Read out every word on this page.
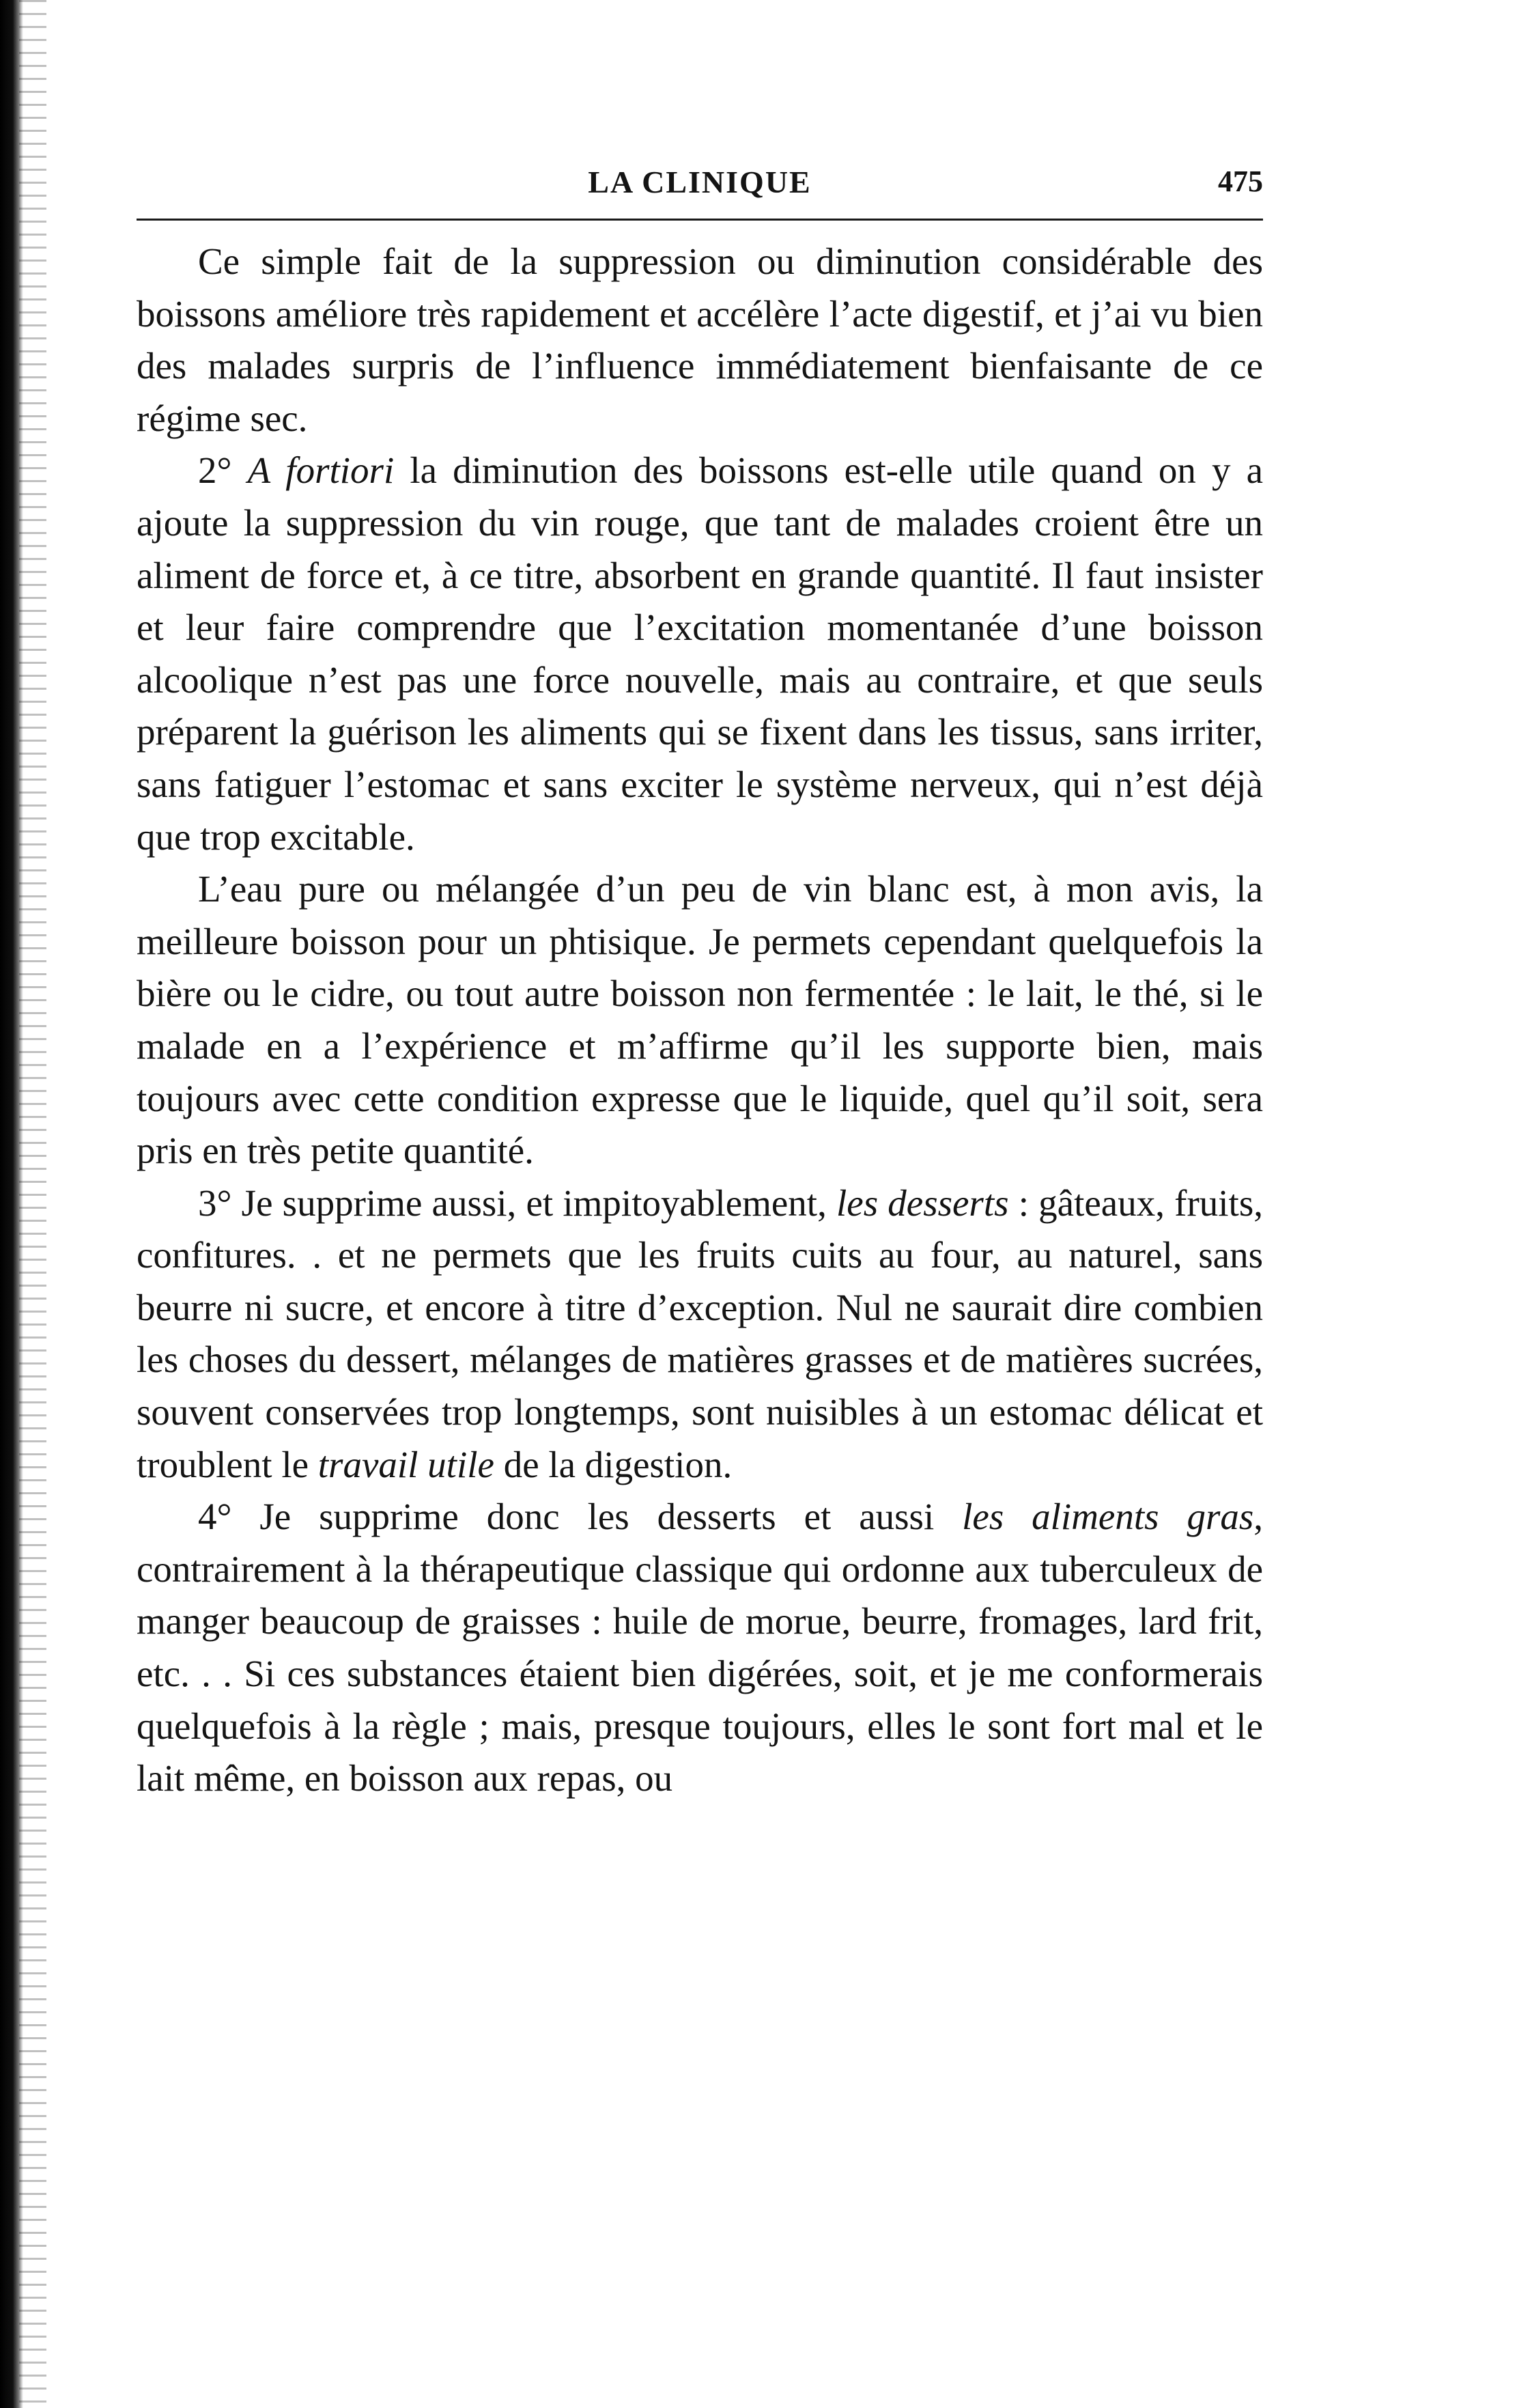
LA CLINIQUE	475

Ce simple fait de la suppression ou diminution considérable des boissons améliore très rapidement et accélère l’acte digestif, et j’ai vu bien des malades surpris de l’influence immédiatement bienfaisante de ce régime sec.

2° A fortiori la diminution des boissons est-elle utile quand on y a ajoute la suppression du vin rouge, que tant de malades croient être un aliment de force et, à ce titre, absorbent en grande quantité. Il faut insister et leur faire comprendre que l’excitation momentanée d’une boisson alcoolique n’est pas une force nouvelle, mais au contraire, et que seuls préparent la guérison les aliments qui se fixent dans les tissus, sans irriter, sans fatiguer l’estomac et sans exciter le système nerveux, qui n’est déjà que trop excitable.

L’eau pure ou mélangée d’un peu de vin blanc est, à mon avis, la meilleure boisson pour un phtisique. Je permets cependant quelquefois la bière ou le cidre, ou tout autre boisson non fermentée : le lait, le thé, si le malade en a l’expérience et m’affirme qu’il les supporte bien, mais toujours avec cette condition expresse que le liquide, quel qu’il soit, sera pris en très petite quantité.

3° Je supprime aussi, et impitoyablement, les desserts : gâteaux, fruits, confitures. . et ne permets que les fruits cuits au four, au naturel, sans beurre ni sucre, et encore à titre d’exception. Nul ne saurait dire combien les choses du dessert, mélanges de matières grasses et de matières sucrées, souvent conservées trop longtemps, sont nuisibles à un estomac délicat et troublent le travail utile de la digestion.

4° Je supprime donc les desserts et aussi les aliments gras, contrairement à la thérapeutique classique qui ordonne aux tuberculeux de manger beaucoup de graisses : huile de morue, beurre, fromages, lard frit, etc. . . Si ces substances étaient bien digérées, soit, et je me conformerais quelquefois à la règle ; mais, presque toujours, elles le sont fort mal et le lait même, en boisson aux repas, ou
